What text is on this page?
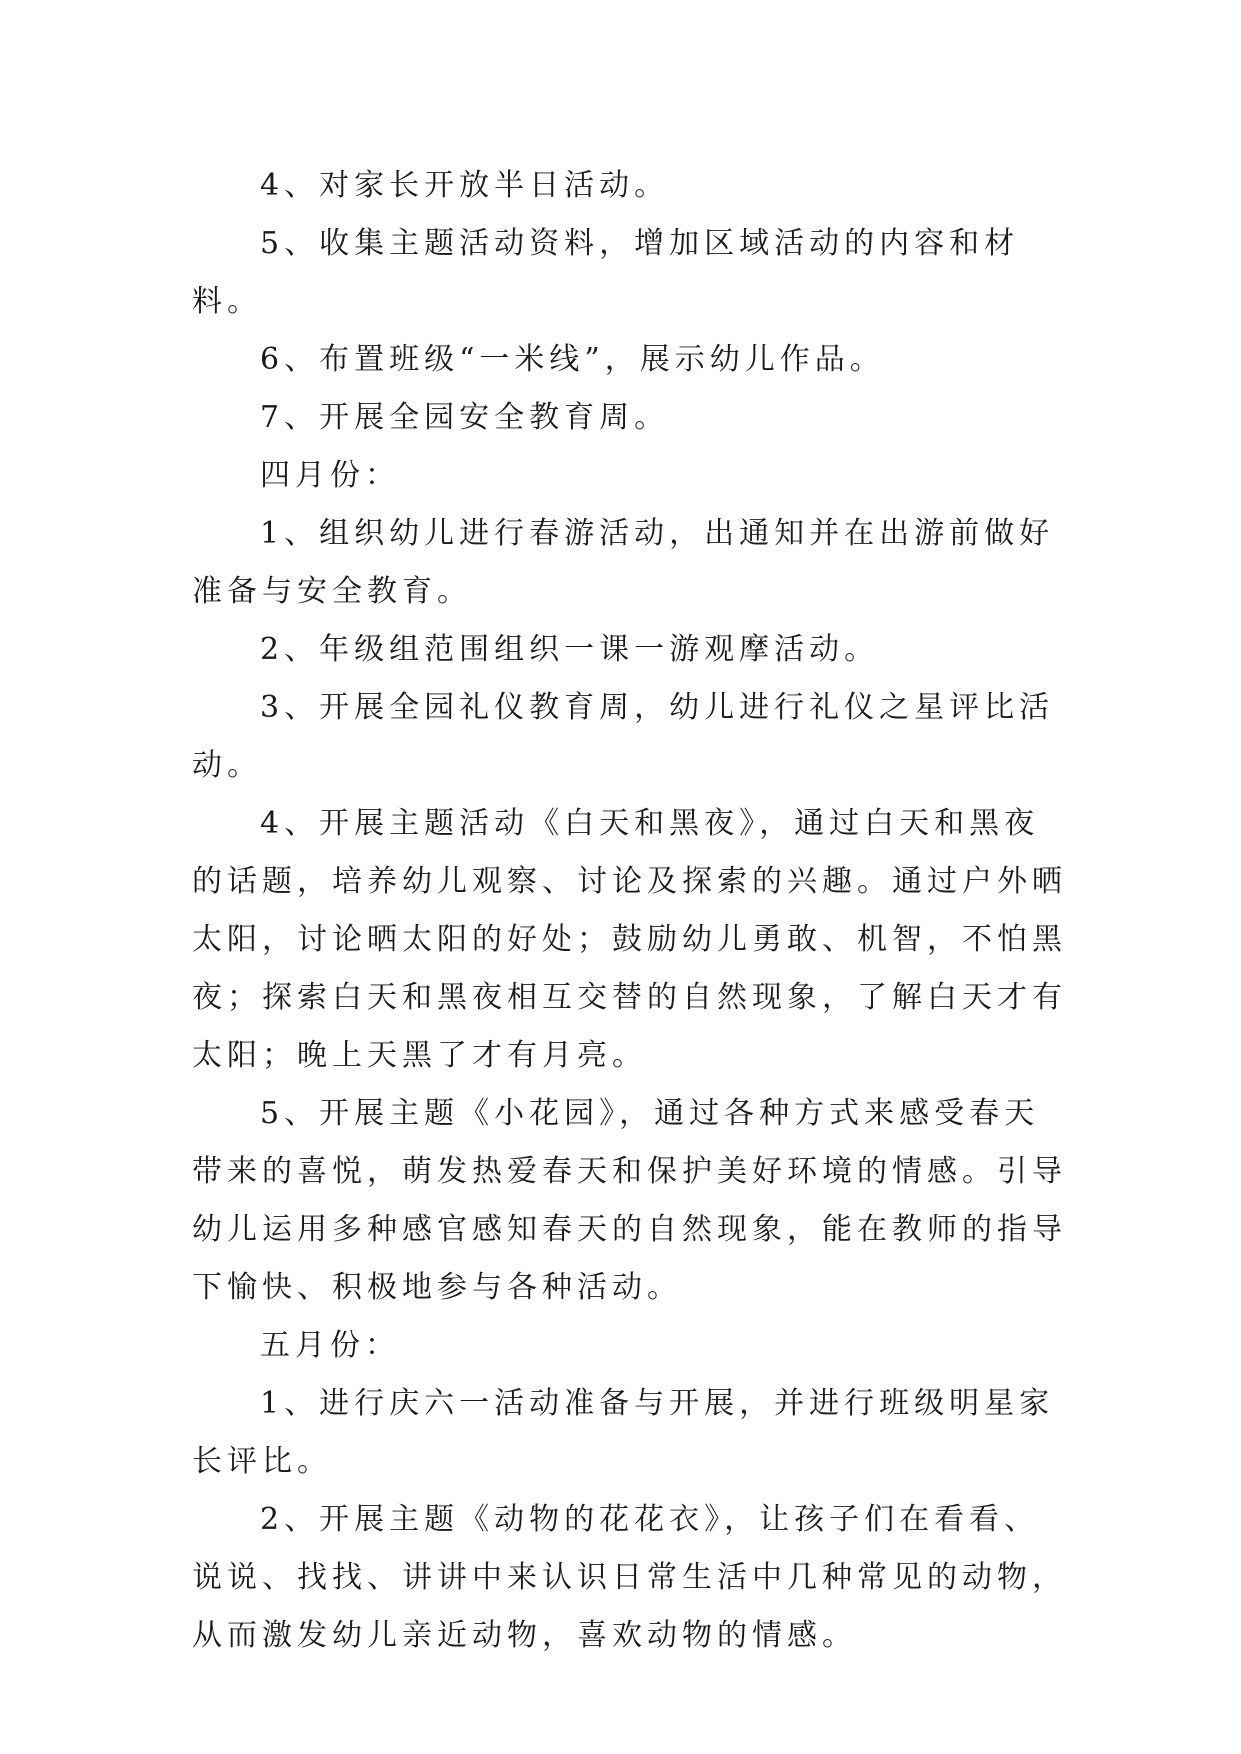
4、对家长开放半日活动。

5、收集主题活动资料，增加区域活动的内容和材料。

6、布置班级“一米线”，展示幼儿作品。

7、开展全园安全教育周。

四月份：

1、组织幼儿进行春游活动，出通知并在出游前做好准备与安全教育。

2、年级组范围组织一课一游观摩活动。

3、开展全园礼仪教育周，幼儿进行礼仪之星评比活动。

4、开展主题活动《白天和黑夜》，通过白天和黑夜的话题，培养幼儿观察、讨论及探索的兴趣。通过户外晒太阳，讨论晒太阳的好处；鼓励幼儿勇敢、机智，不怕黑夜；探索白天和黑夜相互交替的自然现象，了解白天才有太阳；晚上天黑了才有月亮。

5、开展主题《小花园》，通过各种方式来感受春天带来的喜悦，萌发热爱春天和保护美好环境的情感。引导幼儿运用多种感官感知春天的自然现象，能在教师的指导下愉快、积极地参与各种活动。

五月份：

1、进行庆六一活动准备与开展，并进行班级明星家长评比。

2、开展主题《动物的花花衣》，让孩子们在看看、说说、找找、讲讲中来认识日常生活中几种常见的动物，从而激发幼儿亲近动物，喜欢动物的情感。
